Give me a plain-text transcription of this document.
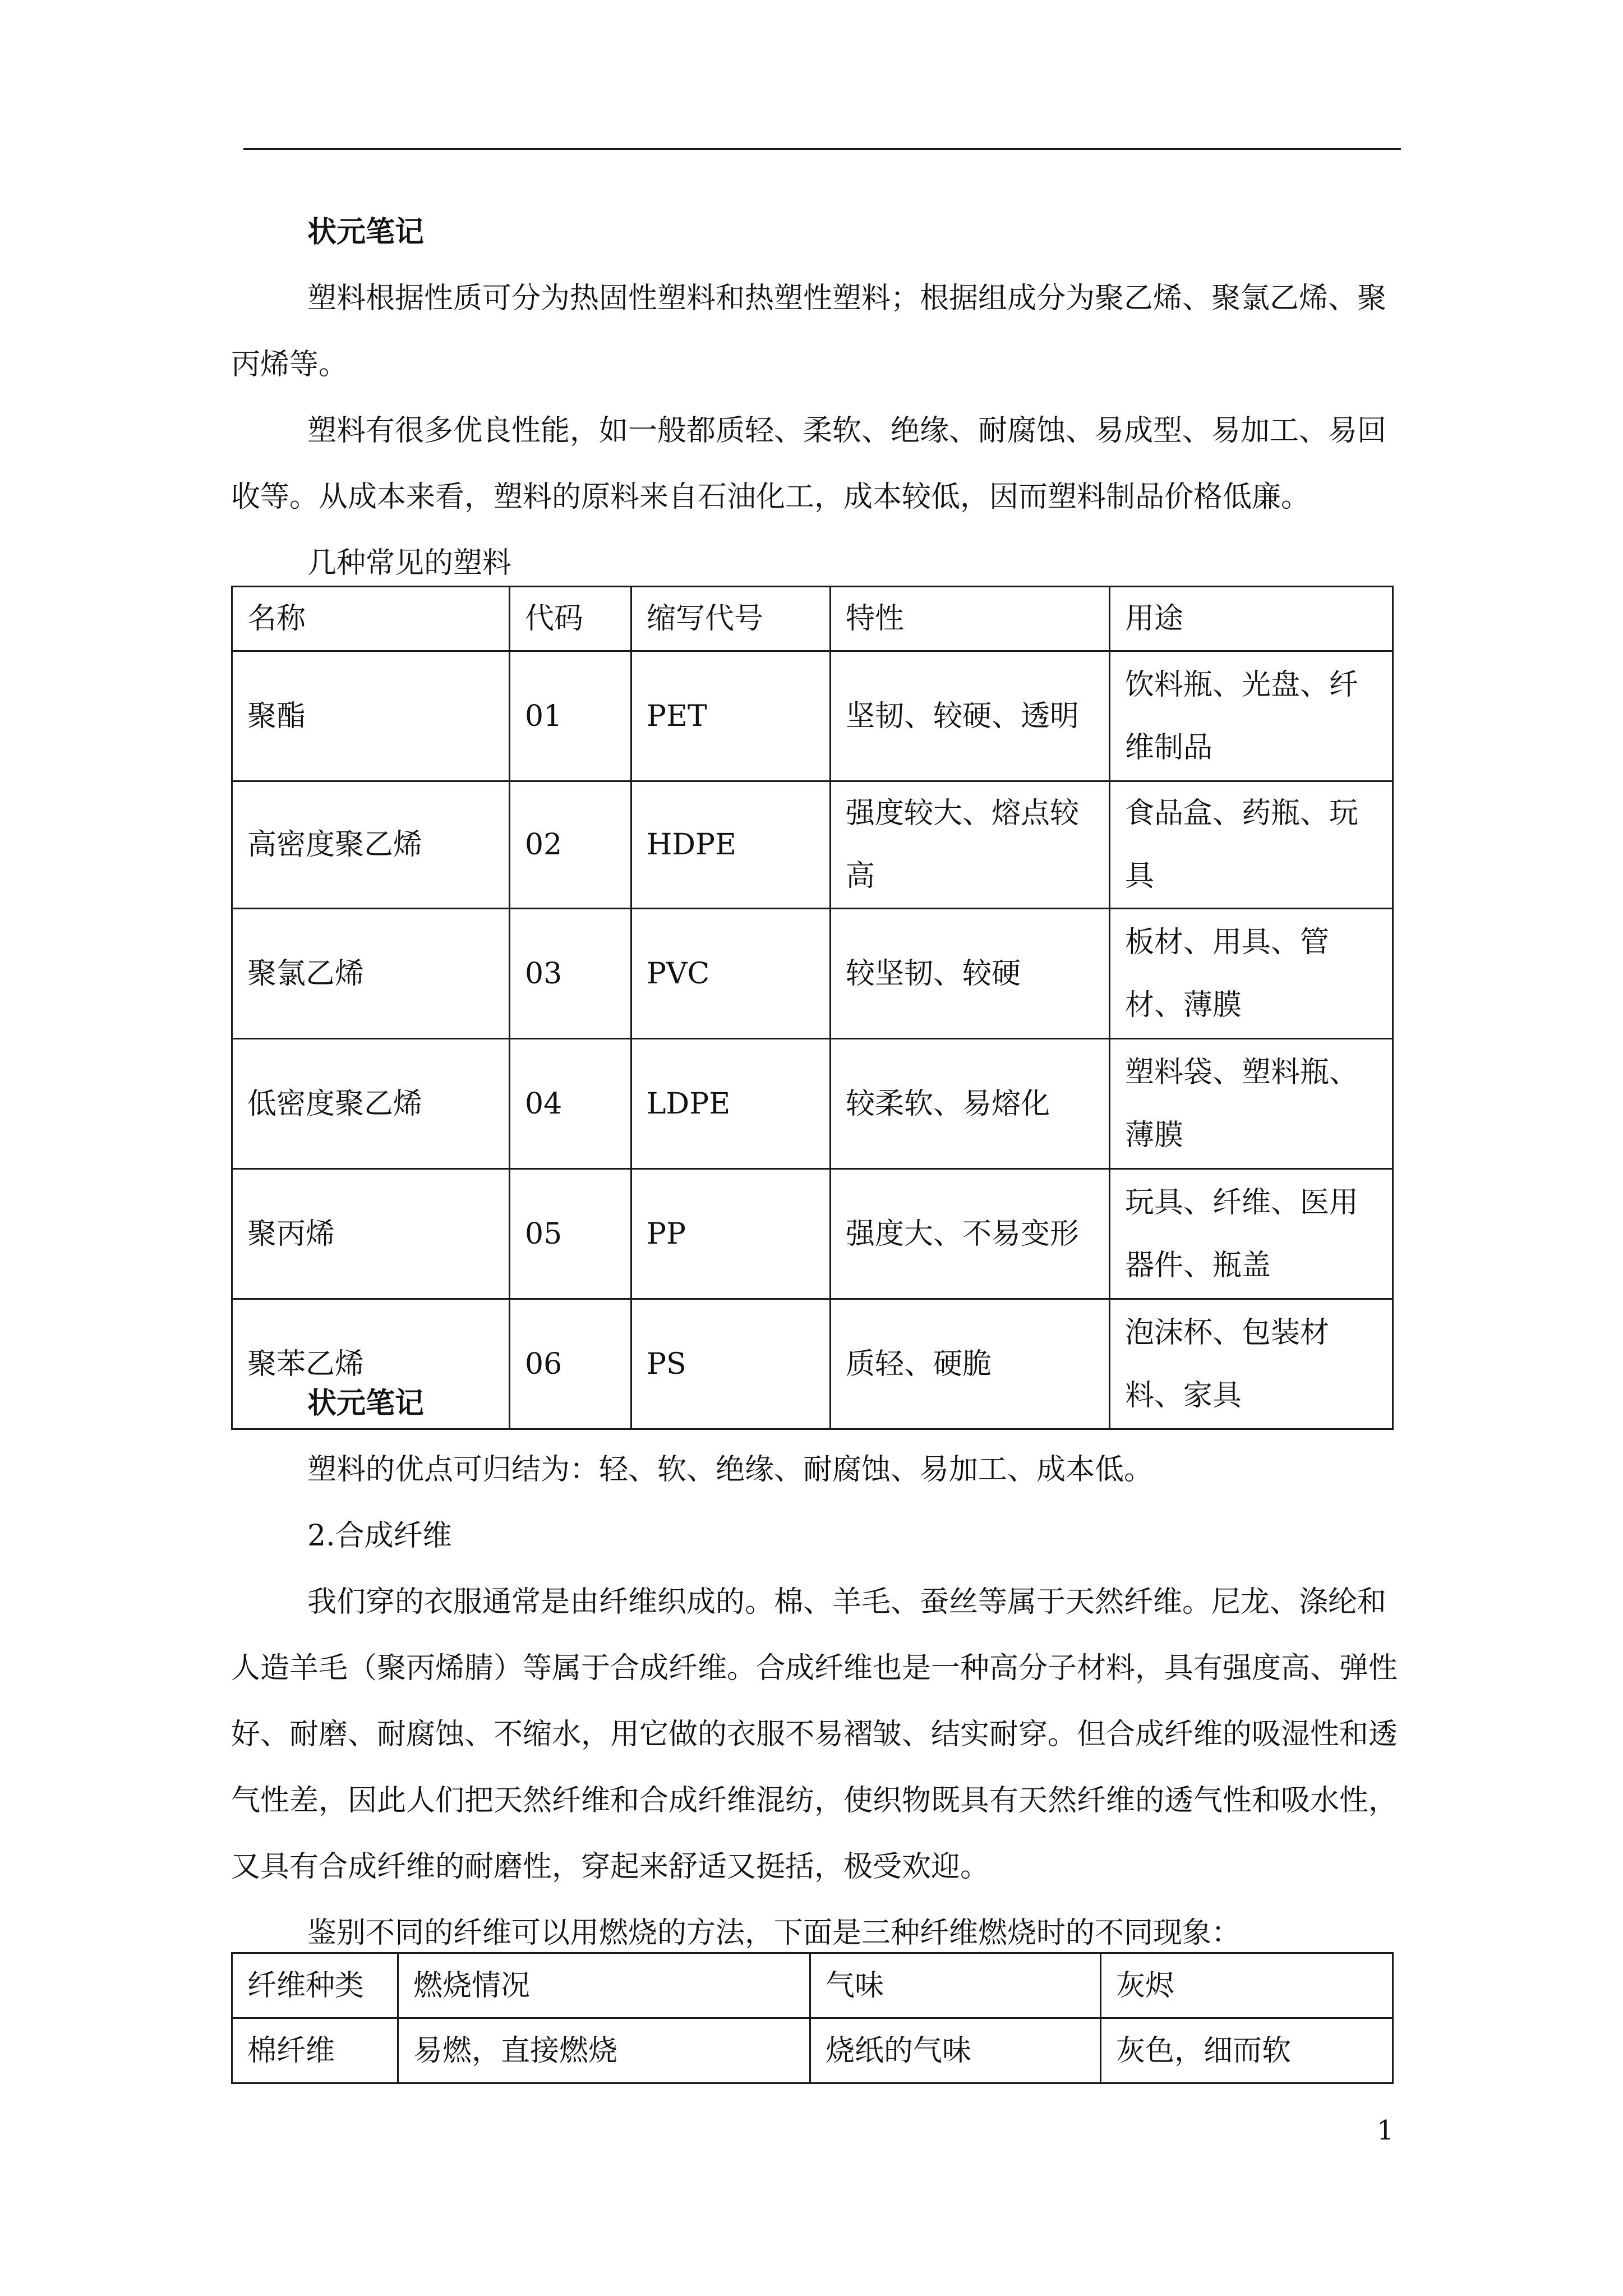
状元笔记

塑料根据性质可分为热固性塑料和热塑性塑料；根据组成分为聚乙烯、聚氯乙烯、聚丙烯等。

塑料有很多优良性能，如一般都质轻、柔软、绝缘、耐腐蚀、易成型、易加工、易回收等。从成本来看，塑料的原料来自石油化工，成本较低，因而塑料制品价格低廉。

几种常见的塑料

名称	代码	缩写代号	特性	用途
聚酯	01	PET	坚韧、较硬、透明	饮料瓶、光盘、纤维制品
高密度聚乙烯	02	HDPE	强度较大、熔点较高	食品盒、药瓶、玩具
聚氯乙烯	03	PVC	较坚韧、较硬	板材、用具、管材、薄膜
低密度聚乙烯	04	LDPE	较柔软、易熔化	塑料袋、塑料瓶、薄膜
聚丙烯	05	PP	强度大、不易变形	玩具、纤维、医用器件、瓶盖
聚苯乙烯	06	PS	质轻、硬脆	泡沫杯、包装材料、家具

状元笔记

塑料的优点可归结为：轻、软、绝缘、耐腐蚀、易加工、成本低。

2.合成纤维

我们穿的衣服通常是由纤维织成的。棉、羊毛、蚕丝等属于天然纤维。尼龙、涤纶和人造羊毛（聚丙烯腈）等属于合成纤维。合成纤维也是一种高分子材料，具有强度高、弹性好、耐磨、耐腐蚀、不缩水，用它做的衣服不易褶皱、结实耐穿。但合成纤维的吸湿性和透气性差，因此人们把天然纤维和合成纤维混纺，使织物既具有天然纤维的透气性和吸水性，又具有合成纤维的耐磨性，穿起来舒适又挺括，极受欢迎。

鉴别不同的纤维可以用燃烧的方法，下面是三种纤维燃烧时的不同现象：

纤维种类	燃烧情况	气味	灰烬
棉纤维	易燃，直接燃烧	烧纸的气味	灰色，细而软
1
